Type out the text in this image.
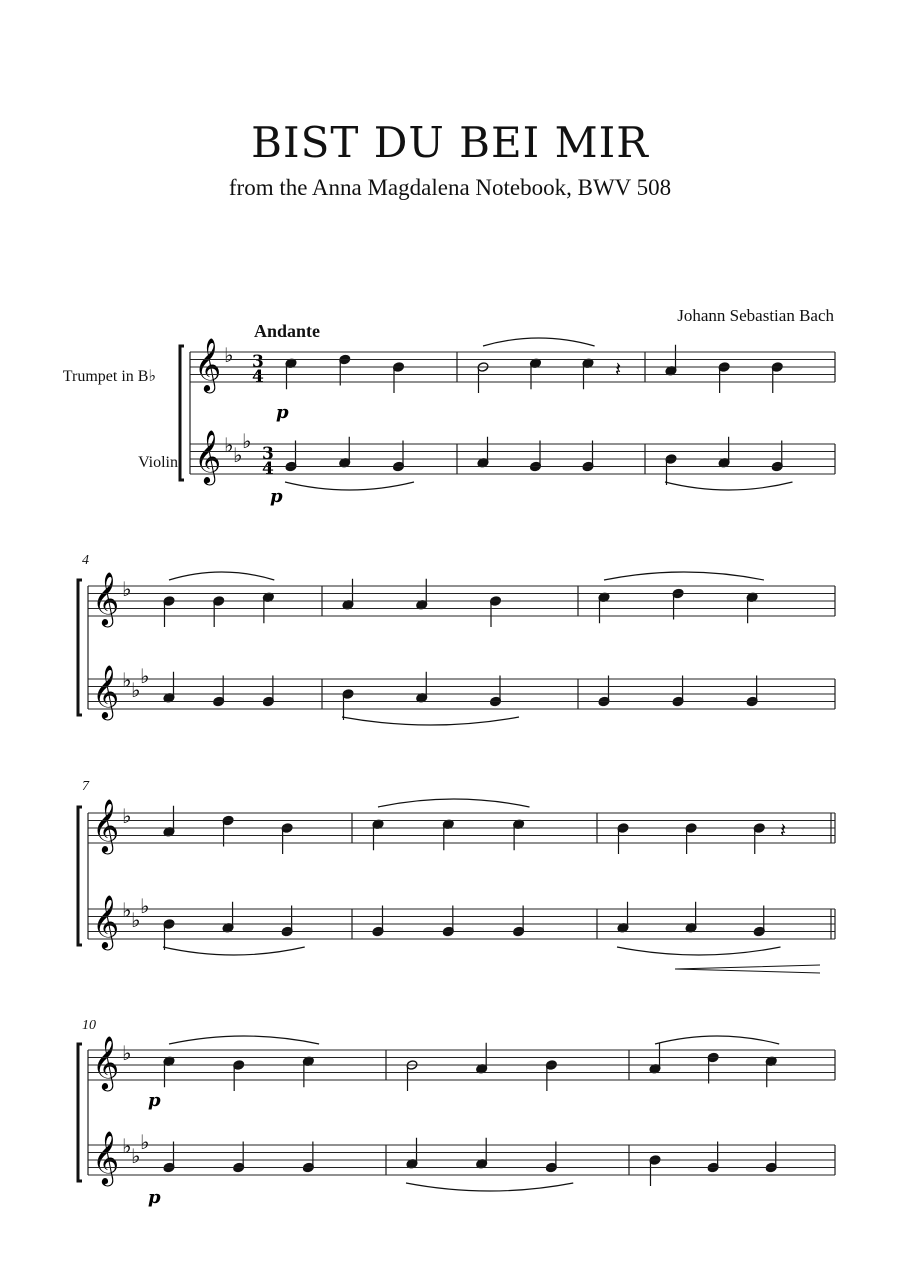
BIST DU BEI MIR
from the Anna Magdalena Notebook, BWV 508
Johann Sebastian Bach
Andante
Trumpet in B♭
Violin
4
7
10
𝄞
𝄞
♭
♭ ♭
♭
3
4
3
4
𝄽
p
p
𝄞
𝄞
♭
♭ ♭
♭
𝄞
𝄞
♭
♭ ♭
♭
𝄽
𝄞
𝄞
♭
♭ ♭
♭
p
p
